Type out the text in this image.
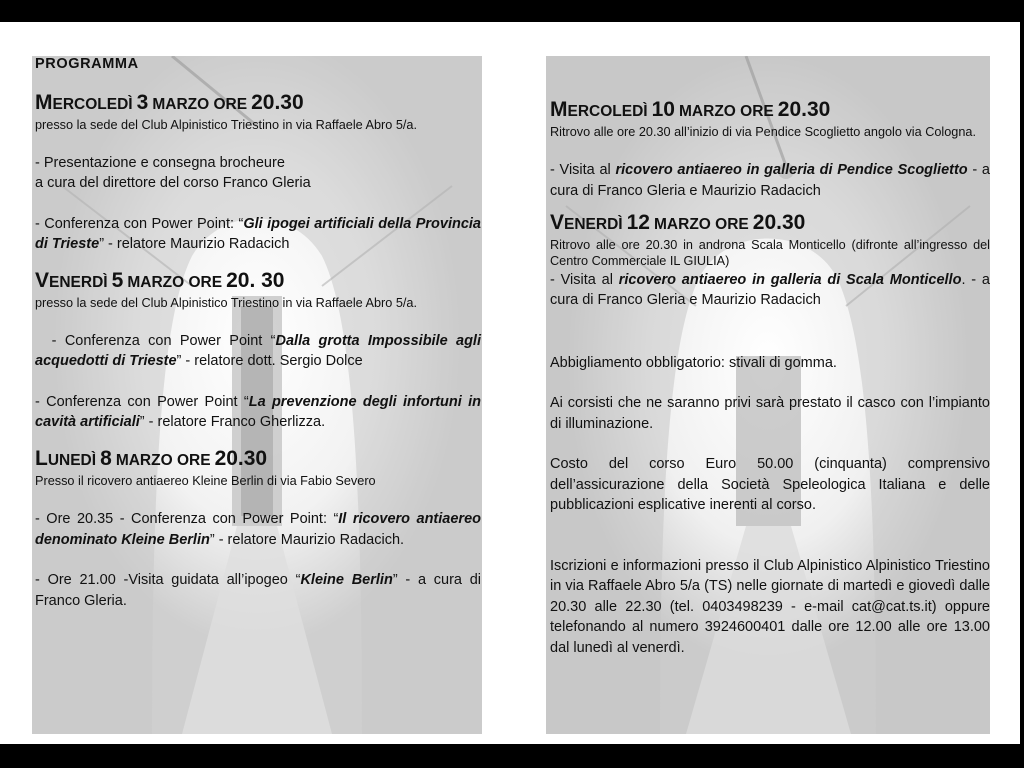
PROGRAMMA

MERCOLEDÌ 3 MARZO ORE 20.30

presso la sede del Club Alpinistico Triestino in via Raffaele Abro 5/a.

- Presentazione e consegna brocheure

a cura del direttore del corso Franco Gleria

- Conferenza con Power Point: “Gli ipogei artificiali della Provincia di Trieste” - relatore Maurizio Radacich

VENERDÌ 5 MARZO ORE 20. 30

presso la sede del Club Alpinistico Triestino in via Raffaele Abro 5/a.

- Conferenza con Power Point “Dalla grotta Impossibile agli acquedotti di Trieste” - relatore dott. Sergio Dolce

- Conferenza con Power Point “La prevenzione degli infortuni in cavità artificiali” - relatore Franco Gherlizza.

LUNEDÌ 8 MARZO ORE 20.30

Presso il ricovero antiaereo Kleine Berlin di via Fabio Severo

- Ore 20.35 - Conferenza con Power Point: “Il ricovero antiaereo denominato Kleine Berlin” - relatore Maurizio Radacich.

- Ore 21.00 -Visita guidata all’ipogeo “Kleine Berlin” - a cura di Franco Gleria.

MERCOLEDÌ 10 MARZO ORE 20.30

Ritrovo alle ore 20.30 all’inizio di via Pendice Scoglietto angolo via Cologna.

- Visita al ricovero antiaereo in galleria di Pendice Scoglietto - a cura di Franco Gleria e Maurizio Radacich

VENERDÌ 12 MARZO ORE 20.30

Ritrovo alle ore 20.30 in androna Scala Monticello (difronte all’ingresso del Centro Commerciale IL GIULIA)

- Visita al ricovero antiaereo in galleria di Scala Monticello. - a cura di Franco Gleria e Maurizio Radacich

Abbigliamento obbligatorio: stivali di gomma.

Ai corsisti che ne saranno privi sarà prestato il casco con l’impianto di illuminazione.

Costo del corso Euro 50.00 (cinquanta) comprensivo dell’assicurazione della Società Speleologica Italiana e delle pubblicazioni esplicative inerenti al corso.

Iscrizioni e informazioni presso il Club Alpinistico Alpinistico Triestino in via Raffaele Abro 5/a (TS) nelle giornate di martedì e giovedì dalle 20.30 alle 22.30 (tel. 0403498239 - e-mail cat@cat.ts.it) oppure telefonando al numero 3924600401 dalle ore 12.00 alle ore 13.00 dal lunedì al venerdì.
